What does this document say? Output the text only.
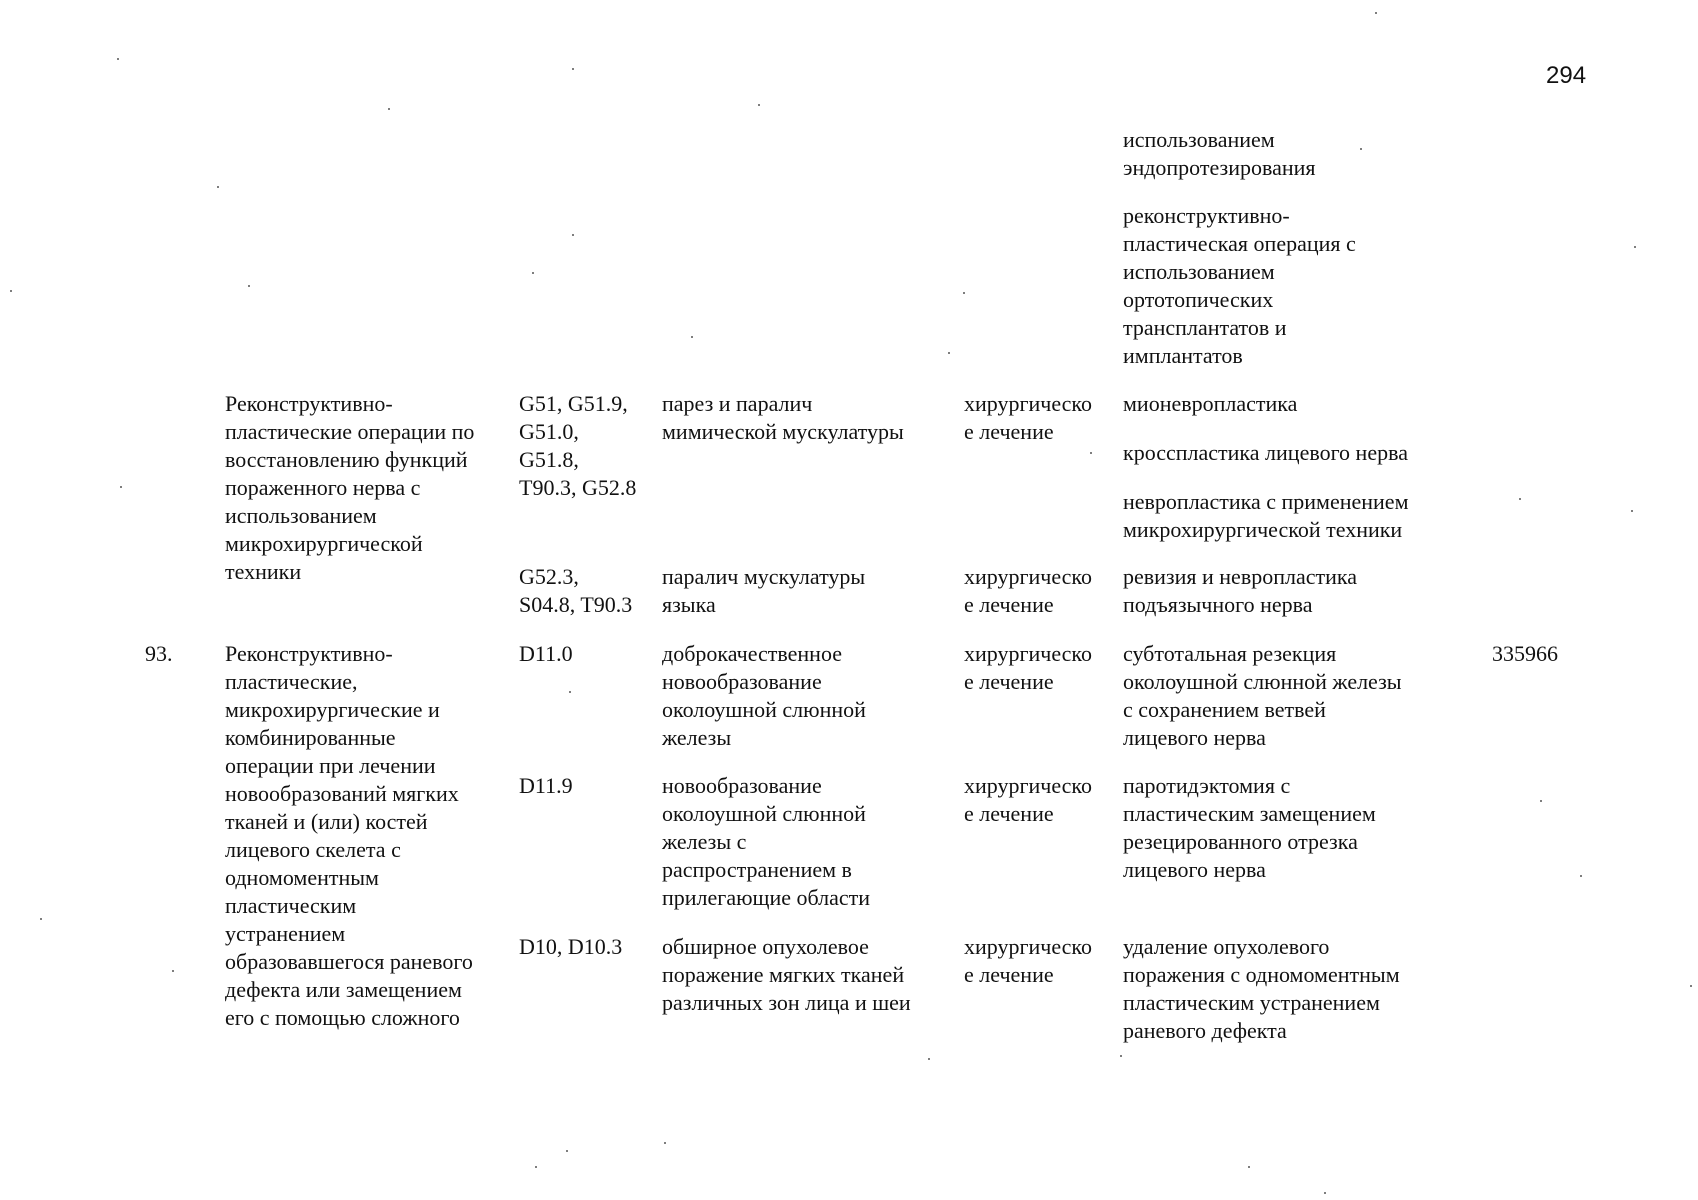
294

использованием
эндопротезирования

реконструктивно-
пластическая операция с
использованием
ортотопических
трансплантатов и
имплантатов

Реконструктивно-
пластические операции по
восстановлению функций
пораженного нерва с
использованием
микрохирургической
техники

G51, G51.9,
G51.0,
G51.8,
T90.3, G52.8

парез и паралич
мимической мускулатуры

хирургическо
е лечение

мионевропластика

кросспластика лицевого нерва

невропластика с применением
микрохирургической техники

G52.3,
S04.8, T90.3

паралич мускулатуры
языка

хирургическо
е лечение

ревизия и невропластика
подъязычного нерва

93. Реконструктивно-
пластические,
микрохирургические и
комбинированные
операции при лечении
новообразований мягких
тканей и (или) костей
лицевого скелета с
одномоментным
пластическим
устранением
образовавшегося раневого
дефекта или замещением
его с помощью сложного

335966

D11.0	доброкачественное
новообразование
околоушной слюнной
железы

хирургическо
е лечение

субтотальная резекция
околоушной слюнной железы
с сохранением ветвей
лицевого нерва

D11.9	новообразование
околоушной слюнной
железы с
распространением в
прилегающие области

хирургическо
е лечение

паротидэктомия с
пластическим замещением
резецированного отрезка
лицевого нерва

D10, D10.3 обширное опухолевое
поражение мягких тканей
различных зон лица и шеи

хирургическо
е лечение

удаление опухолевого
поражения с одномоментным
пластическим устранением
раневого дефекта
